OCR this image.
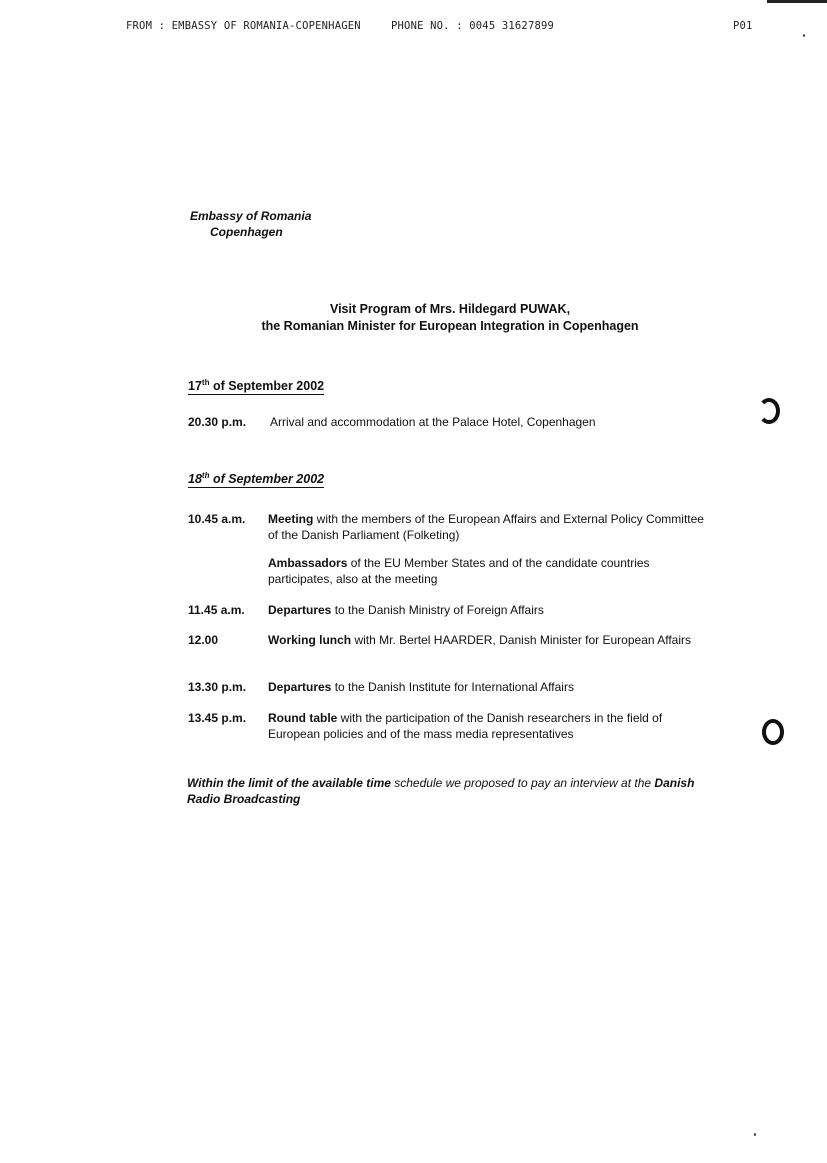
FROM : EMBASSY OF ROMANIA-COPENHAGEN	PHONE NO. : 0045 31627899	P01
Embassy of Romania
Copenhagen
Visit Program of Mrs. Hildegard PUWAK,
the Romanian Minister for European Integration in Copenhagen
17th of September 2002
20.30 p.m. Arrival and accommodation at the Palace Hotel, Copenhagen
18th of September 2002
10.45 a.m. Meeting with the members of the European Affairs and External Policy Committee of the Danish Parliament (Folketing)
Ambassadors of the EU Member States and of the candidate countries participates, also at the meeting
11.45 a.m. Departures to the Danish Ministry of Foreign Affairs
12.00	Working lunch with Mr. Bertel HAARDER, Danish Minister for European Affairs
13.30 p.m. Departures to the Danish Institute for International Affairs
13.45 p.m. Round table with the participation of the Danish researchers in the field of European policies and of the mass media representatives
Within the limit of the available time schedule we proposed to pay an interview at the Danish Radio Broadcasting
